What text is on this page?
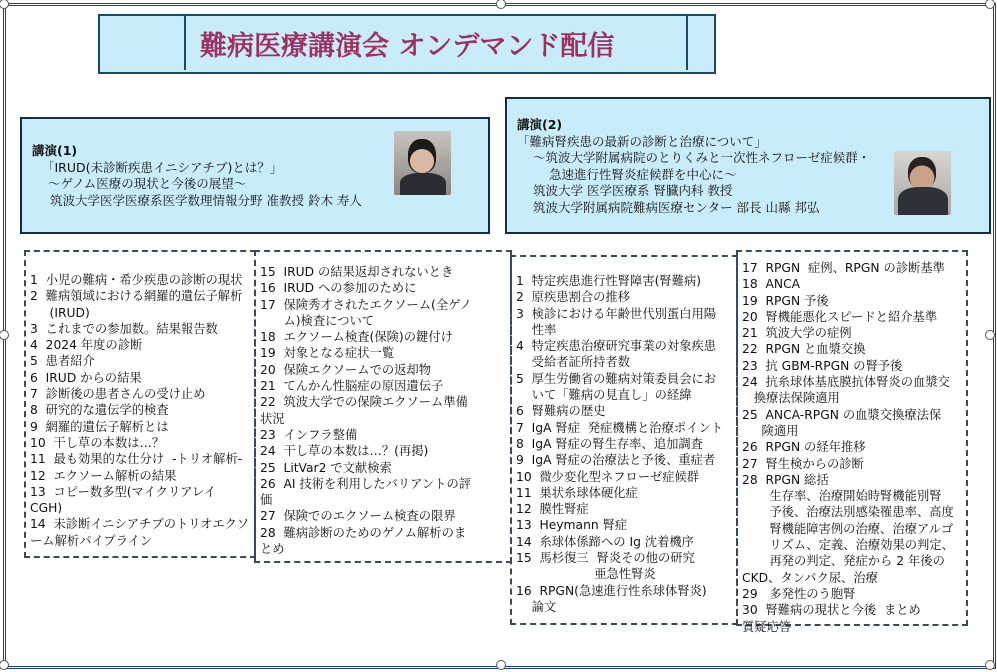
難病医療講演会 オンデマンド配信
講演(1)
「IRUD(未診断疾患イニシアチブ)とは？」
～ゲノム医療の現状と今後の展望～
筑波大学医学医療系医学数理情報分野 准教授 鈴木 寿人
講演(2)
「難病腎疾患の最新の診断と治療について」
～筑波大学附属病院のとりくみと一次性ネフローゼ症候群・
急速進行性腎炎症候群を中心に～
筑波大学 医学医療系 腎臓内科 教授
筑波大学附属病院難病医療センター 部長 山縣 邦弘
1  小児の難病・希少疾患の診断の現状
2  難病領域における網羅的遺伝子解析
(IRUD)
3  これまでの参加数。結果報告数
4  2024 年度の診断
5  患者紹介
6  IRUD からの結果
7  診断後の患者さんの受け止め
8  研究的な遺伝学的検査
9  網羅的遺伝子解析とは
10  干し草の本数は…？
11  最も効果的な仕分け  -トリオ解析-
12  エクソーム解析の結果
13  コピー数多型(マイクリアレイ
CGH)
14  未診断イニシアチブのトリオエクソ
ーム解析パイプライン
15  IRUD の結果返却されないとき
16  IRUD への参加のために
17  保険秀才されたエクソーム(全ゲノ
ム)検査について
18  エクソーム検査(保険)の鍵付け
19  対象となる症状一覧
20  保険エクソームでの返却物
21  てんかん性脳症の原因遺伝子
22  筑波大学での保険エクソーム準備
状況
23  インフラ整備
24  干し草の本数は…？(再掲)
25  LitVar2 で文献検索
26  AI 技術を利用したバリアントの評
価
27  保険でのエクソーム検査の限界
28  難病診断のためのゲノム解析のま
とめ
1  特定疾患進行性腎障害(腎難病)
2  原疾患割合の推移
3  検診における年齢世代別蛋白用陽
性率
4  特定疾患治療研究事業の対象疾患
受給者証所持者数
5  厚生労働省の難病対策委員会にお
いて「難病の見直し」の経緯
6  腎難病の歴史
7  IgA 腎症  発症機構と治療ポイント
8  IgA 腎症の腎生存率、追加調査
9  IgA 腎症の治療法と予後、重症者
10  微少変化型ネフローゼ症候群
11  巣状糸球体硬化症
12  膜性腎症
13  Heymann 腎症
14  糸球体係蹄への Ig 沈着機序
15  馬杉復三  腎炎その他の研究
亜急性腎炎
16  RPGN(急速進行性糸球体腎炎)
論文
17  RPGN  症例、RPGN の診断基準
18  ANCA
19  RPGN 予後
20  腎機能悪化スピードと紹介基準
21  筑波大学の症例
22  RPGN と血漿交換
23  抗 GBM-RPGN の腎予後
24  抗糸球体基底膜抗体腎炎の血漿交
換療法保険適用
25  ANCA-RPGN の血漿交換療法保
険適用
26  RPGN の経年推移
27  腎生検からの診断
28  RPGN 総括
生存率、治療開始時腎機能別腎
予後、治療法別感染罹患率、高度
腎機能障害例の治療、治療アルゴ
リズム、定義、治療効果の判定、
再発の判定、発症から 2 年後の
CKD、タンパク尿、治療
29   多発性のう胞腎
30  腎難病の現状と今後  まとめ
質疑応答
